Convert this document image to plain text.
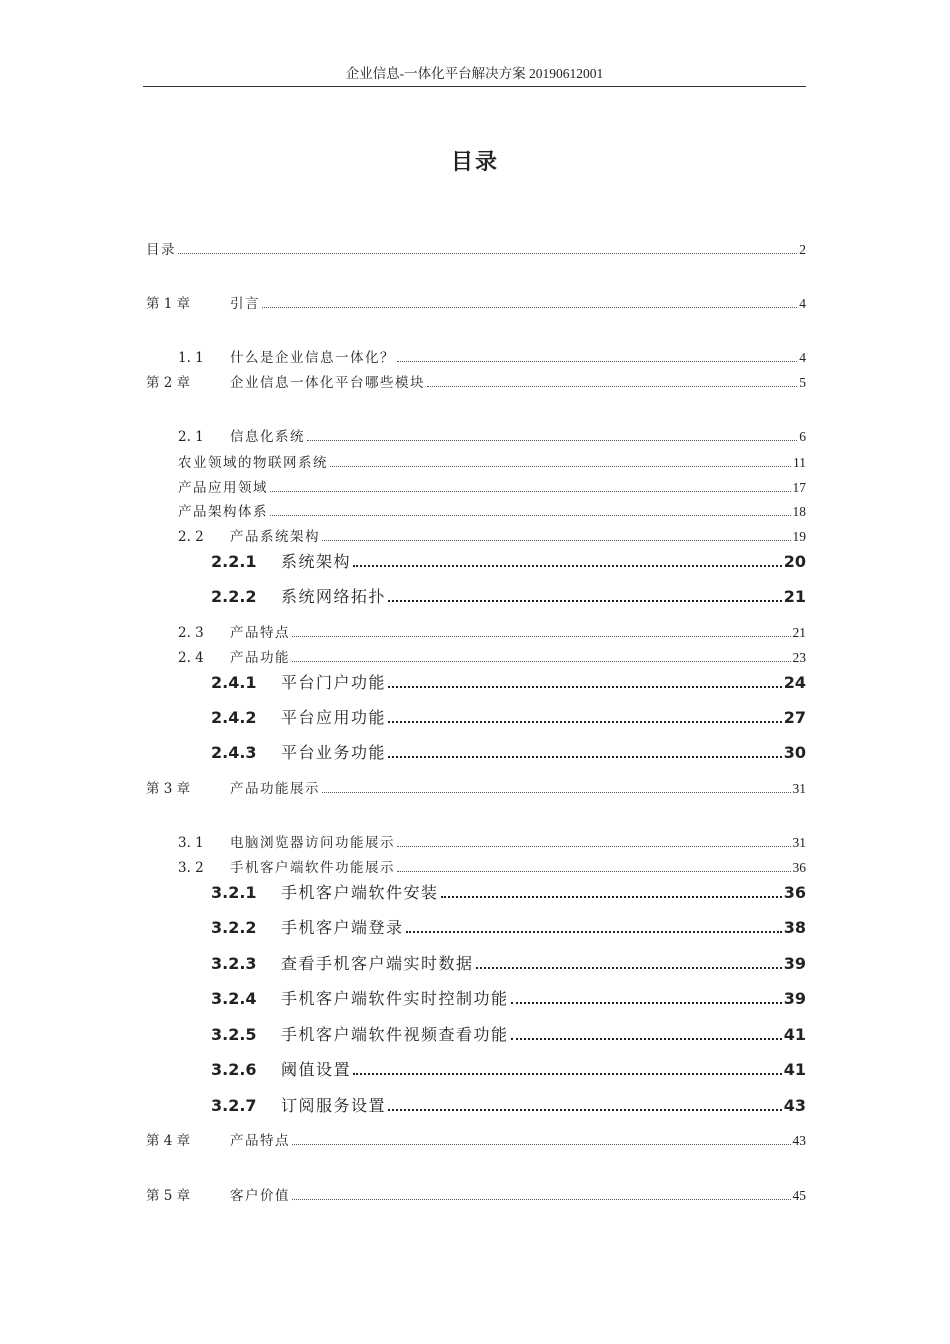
企业信息-一体化平台解决方案 20190612001
目录
目录	2
第 1 章	引言	4
1. 1	什么是企业信息一体化？	4
第 2 章	企业信息一体化平台哪些模块	5
2. 1	信息化系统	6
农业领域的物联网系统	11
产品应用领域	17
产品架构体系	18
2. 2	产品系统架构	19
2.2.1	系统架构	20
2.2.2	系统网络拓扑	21
2. 3	产品特点	21
2. 4	产品功能	23
2.4.1	平台门户功能	24
2.4.2	平台应用功能	27
2.4.3	平台业务功能	30
第 3 章	产品功能展示	31
3. 1	电脑浏览器访问功能展示	31
3. 2	手机客户端软件功能展示	36
3.2.1	手机客户端软件安装	36
3.2.2	手机客户端登录	38
3.2.3	查看手机客户端实时数据	39
3.2.4	手机客户端软件实时控制功能	39
3.2.5	手机客户端软件视频查看功能	41
3.2.6	阈值设置	41
3.2.7	订阅服务设置	43
第 4 章	产品特点	43
第 5 章	客户价值	45
